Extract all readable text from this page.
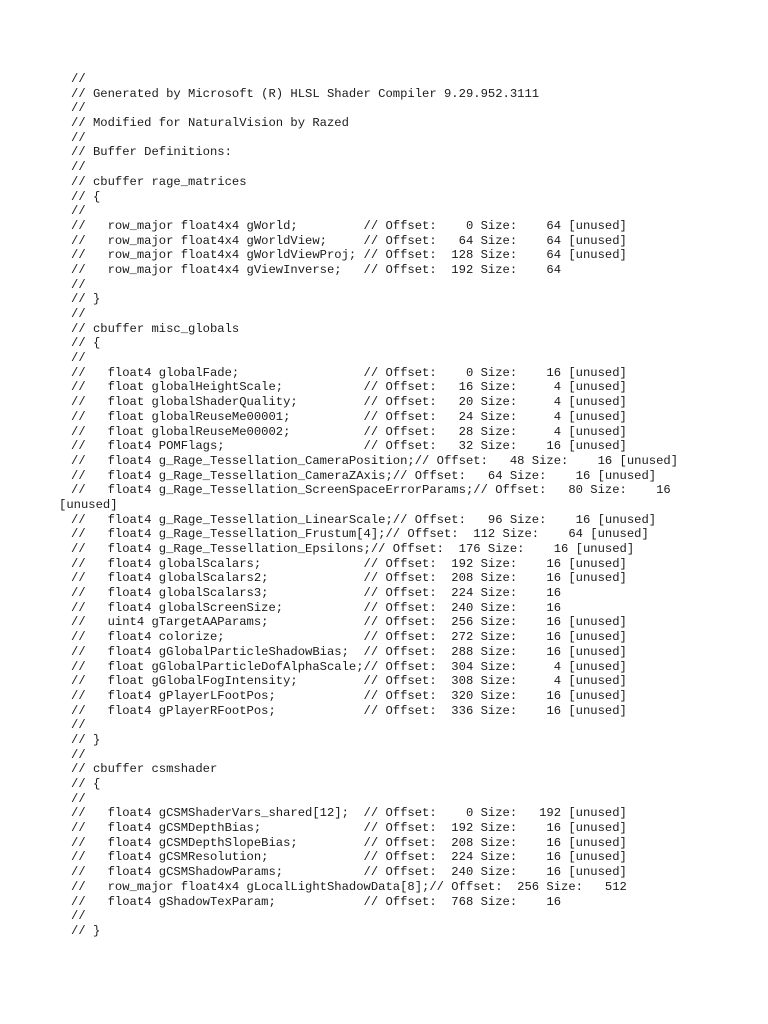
//
// Generated by Microsoft (R) HLSL Shader Compiler 9.29.952.3111
//
// Modified for NaturalVision by Razed
//
// Buffer Definitions:
//
// cbuffer rage_matrices
// {
//
//   row_major float4x4 gWorld;         // Offset:    0 Size:    64 [unused]
//   row_major float4x4 gWorldView;     // Offset:   64 Size:    64 [unused]
//   row_major float4x4 gWorldViewProj; // Offset:  128 Size:    64 [unused]
//   row_major float4x4 gViewInverse;   // Offset:  192 Size:    64
//
// }
//
// cbuffer misc_globals
// {
//
//   float4 globalFade;                 // Offset:    0 Size:    16 [unused]
//   float globalHeightScale;           // Offset:   16 Size:     4 [unused]
//   float globalShaderQuality;         // Offset:   20 Size:     4 [unused]
//   float globalReuseMe00001;          // Offset:   24 Size:     4 [unused]
//   float globalReuseMe00002;          // Offset:   28 Size:     4 [unused]
//   float4 POMFlags;                   // Offset:   32 Size:    16 [unused]
//   float4 g_Rage_Tessellation_CameraPosition;// Offset:   48 Size:    16 [unused]
//   float4 g_Rage_Tessellation_CameraZAxis;// Offset:   64 Size:    16 [unused]
//   float4 g_Rage_Tessellation_ScreenSpaceErrorParams;// Offset:   80 Size:    16
[unused]
//   float4 g_Rage_Tessellation_LinearScale;// Offset:   96 Size:    16 [unused]
//   float4 g_Rage_Tessellation_Frustum[4];// Offset:  112 Size:    64 [unused]
//   float4 g_Rage_Tessellation_Epsilons;// Offset:  176 Size:    16 [unused]
//   float4 globalScalars;              // Offset:  192 Size:    16 [unused]
//   float4 globalScalars2;             // Offset:  208 Size:    16 [unused]
//   float4 globalScalars3;             // Offset:  224 Size:    16
//   float4 globalScreenSize;           // Offset:  240 Size:    16
//   uint4 gTargetAAParams;             // Offset:  256 Size:    16 [unused]
//   float4 colorize;                   // Offset:  272 Size:    16 [unused]
//   float4 gGlobalParticleShadowBias;  // Offset:  288 Size:    16 [unused]
//   float gGlobalParticleDofAlphaScale;// Offset:  304 Size:     4 [unused]
//   float gGlobalFogIntensity;         // Offset:  308 Size:     4 [unused]
//   float4 gPlayerLFootPos;            // Offset:  320 Size:    16 [unused]
//   float4 gPlayerRFootPos;            // Offset:  336 Size:    16 [unused]
//
// }
//
// cbuffer csmshader
// {
//
//   float4 gCSMShaderVars_shared[12];  // Offset:    0 Size:   192 [unused]
//   float4 gCSMDepthBias;              // Offset:  192 Size:    16 [unused]
//   float4 gCSMDepthSlopeBias;         // Offset:  208 Size:    16 [unused]
//   float4 gCSMResolution;             // Offset:  224 Size:    16 [unused]
//   float4 gCSMShadowParams;           // Offset:  240 Size:    16 [unused]
//   row_major float4x4 gLocalLightShadowData[8];// Offset:  256 Size:   512
//   float4 gShadowTexParam;            // Offset:  768 Size:    16
//
// }
